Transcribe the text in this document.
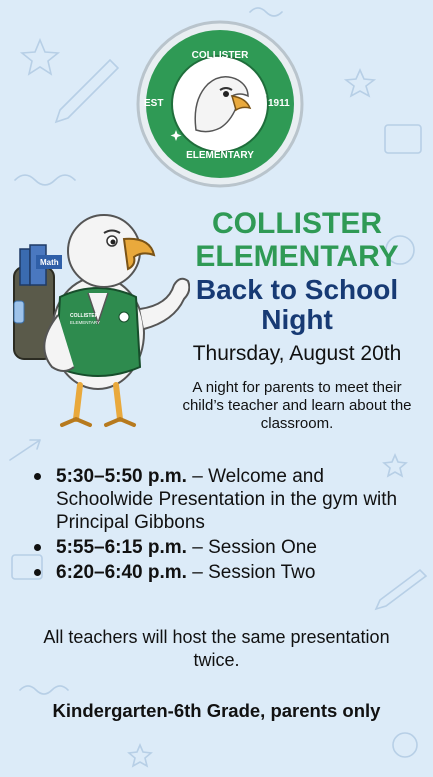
COLLISTER
ELEMENTARY
EST	1911
Math
COLLISTER
ELEMENTARY
COLLISTER ELEMENTARY
Back to School Night
Thursday, August 20th
A night for parents to meet their child’s teacher and learn about the classroom.
5:30–5:50 p.m. – Welcome and Schoolwide Presentation in the gym with Principal Gibbons
5:55–6:15 p.m. – Session One
6:20–6:40 p.m. – Session Two
All teachers will host the same presentation twice.
Kindergarten-6th Grade, parents only
